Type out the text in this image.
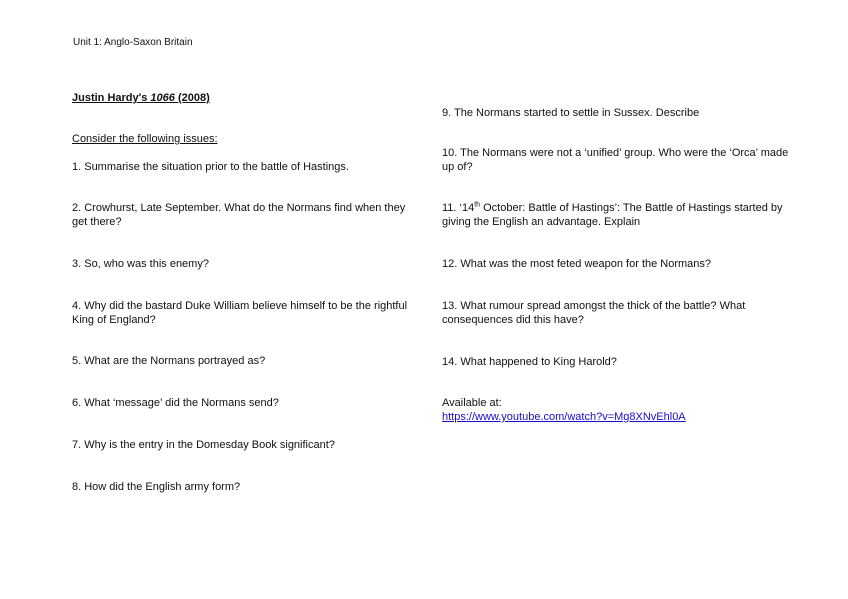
Unit 1: Anglo-Saxon Britain
Justin Hardy's 1066 (2008)
Consider the following issues:
1. Summarise the situation prior to the battle of Hastings.
2. Crowhurst, Late September. What do the Normans find when they get there?
3. So, who was this enemy?
4. Why did the bastard Duke William believe himself to be the rightful King of England?
5. What are the Normans portrayed as?
6. What ‘message’ did the Normans send?
7. Why is the entry in the Domesday Book significant?
8. How did the English army form?
9. The Normans started to settle in Sussex. Describe
10. The Normans were not a ‘unified’ group. Who were the ‘Orca’ made up of?
11. ‘14th October: Battle of Hastings’: The Battle of Hastings started by giving the English an advantage. Explain
12. What was the most feted weapon for the Normans?
13. What rumour spread amongst the thick of the battle? What consequences did this have?
14. What happened to King Harold?
Available at:
https://www.youtube.com/watch?v=Mg8XNvEhl0A
